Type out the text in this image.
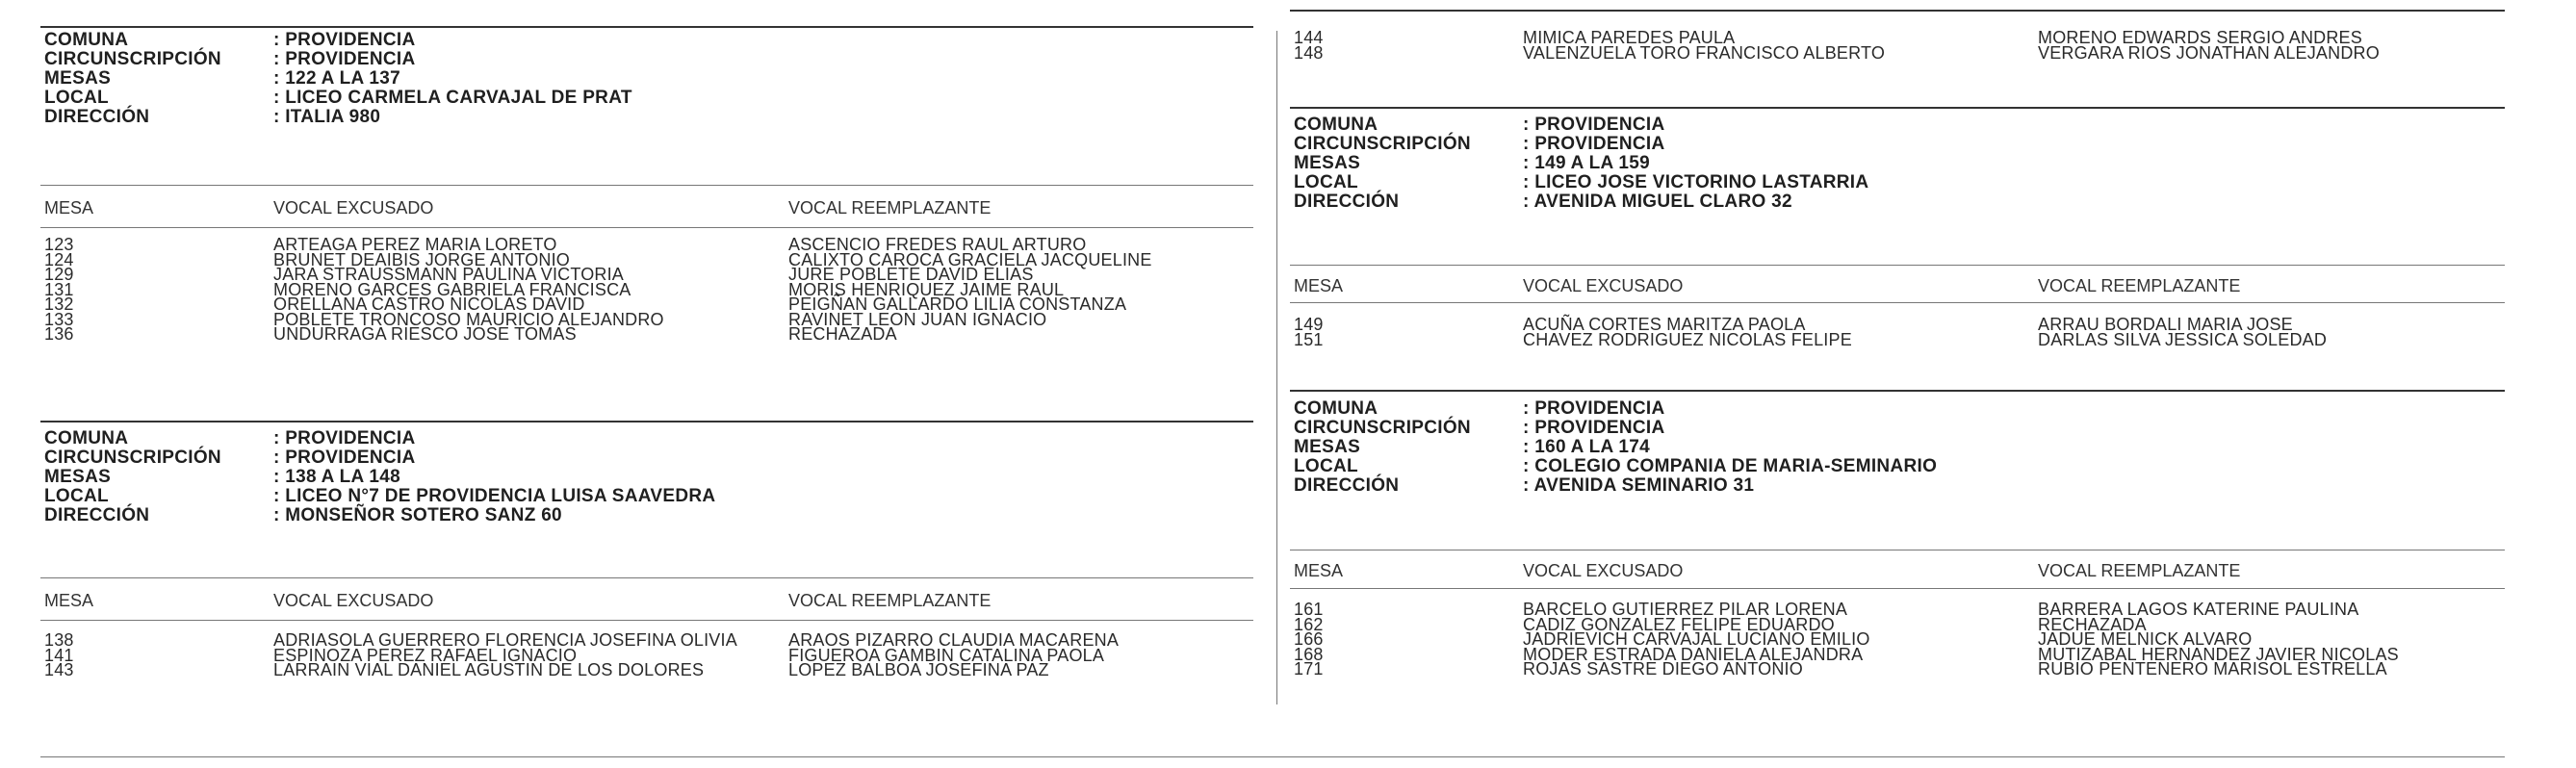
COMUNA	: PROVIDENCIA
CIRCUNSCRIPCIÓN	: PROVIDENCIA
MESAS	: 122 A LA 137
LOCAL	: LICEO CARMELA CARVAJAL DE PRAT
DIRECCIÓN	: ITALIA 980
MESA	VOCAL EXCUSADO	VOCAL REEMPLAZANTE
123	ARTEAGA PEREZ MARIA LORETO	ASCENCIO FREDES RAUL ARTURO
124	BRUNET DEAIBIS JORGE ANTONIO	CALIXTO CAROCA GRACIELA JACQUELINE
129	JARA STRAUSSMANN PAULINA VICTORIA	JURE POBLETE DAVID ELIAS
131	MORENO GARCES GABRIELA FRANCISCA	MORIS HENRIQUEZ JAIME RAUL
132	ORELLANA CASTRO NICOLAS DAVID	PEIGÑAN GALLARDO LILIA CONSTANZA
133	POBLETE TRONCOSO MAURICIO ALEJANDRO	RAVINET LEON JUAN IGNACIO
136	UNDURRAGA RIESCO JOSE TOMAS	RECHAZADA
COMUNA	: PROVIDENCIA
CIRCUNSCRIPCIÓN	: PROVIDENCIA
MESAS	: 138 A LA 148
LOCAL	: LICEO N°7 DE PROVIDENCIA LUISA SAAVEDRA
DIRECCIÓN	: MONSEÑOR SOTERO SANZ 60
MESA	VOCAL EXCUSADO	VOCAL REEMPLAZANTE
138	ADRIASOLA GUERRERO FLORENCIA JOSEFINA OLIVIA	ARAOS PIZARRO CLAUDIA MACARENA
141	ESPINOZA PEREZ RAFAEL IGNACIO	FIGUEROA GAMBIN CATALINA PAOLA
143	LARRAIN VIAL DANIEL AGUSTIN DE LOS DOLORES	LOPEZ BALBOA JOSEFINA PAZ
144	MIMICA PAREDES PAULA	MORENO EDWARDS SERGIO ANDRES
148	VALENZUELA TORO FRANCISCO ALBERTO	VERGARA RIOS JONATHAN ALEJANDRO
COMUNA	: PROVIDENCIA
CIRCUNSCRIPCIÓN	: PROVIDENCIA
MESAS	: 149 A LA 159
LOCAL	: LICEO JOSE VICTORINO LASTARRIA
DIRECCIÓN	: AVENIDA MIGUEL CLARO 32
MESA	VOCAL EXCUSADO	VOCAL REEMPLAZANTE
149	ACUÑA CORTES MARITZA PAOLA	ARRAU BORDALI MARIA JOSE
151	CHAVEZ RODRIGUEZ NICOLAS FELIPE	DARLAS SILVA JESSICA SOLEDAD
COMUNA	: PROVIDENCIA
CIRCUNSCRIPCIÓN	: PROVIDENCIA
MESAS	: 160 A LA 174
LOCAL	: COLEGIO COMPANIA DE MARIA-SEMINARIO
DIRECCIÓN	: AVENIDA SEMINARIO 31
MESA	VOCAL EXCUSADO	VOCAL REEMPLAZANTE
161	BARCELO GUTIERREZ PILAR LORENA	BARRERA LAGOS KATERINE PAULINA
162	CADIZ GONZALEZ FELIPE EDUARDO	RECHAZADA
166	JADRIEVICH CARVAJAL LUCIANO EMILIO	JADUE MELNICK ALVARO
168	MODER ESTRADA DANIELA ALEJANDRA	MUTIZABAL HERNANDEZ JAVIER NICOLAS
171	ROJAS SASTRE DIEGO ANTONIO	RUBIO PENTENERO MARISOL ESTRELLA
